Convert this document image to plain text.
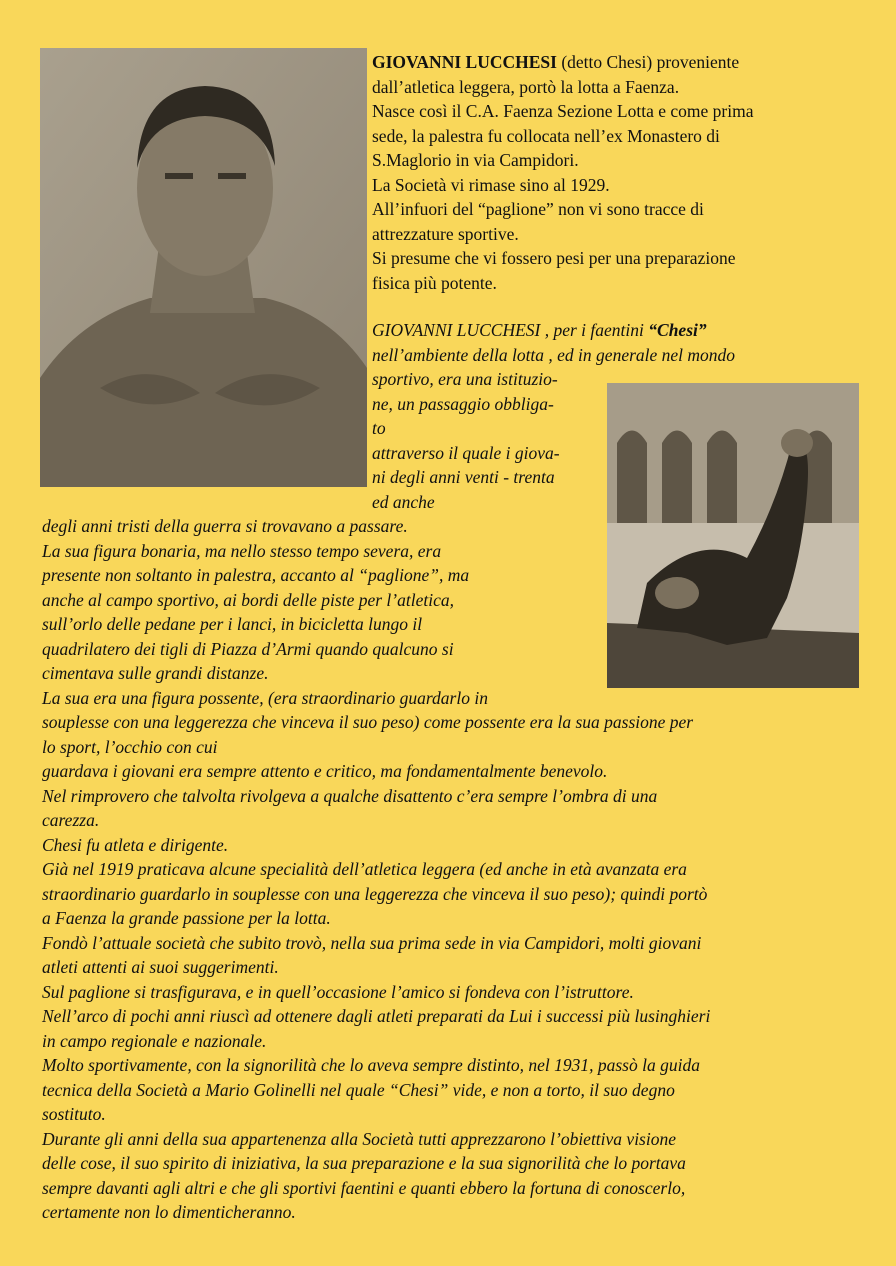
GIOVANNI LUCCHESI (detto Chesi) proveniente
dall’atletica leggera, portò la lotta a Faenza.
Nasce così il C.A. Faenza Sezione Lotta e come prima
sede, la palestra fu collocata nell’ex Monastero di
S.Maglorio in via Campidori.
La Società vi rimase sino al 1929.
All’infuori del “paglione” non vi sono tracce di
attrezzature sportive.
Si presume che vi fossero pesi per una preparazione
fisica più potente.
GIOVANNI LUCCHESI , per i faentini “Chesi”
nell’ambiente della lotta , ed in generale nel mondo
sportivo, era una istituzio-
ne, un passaggio obbliga-
to
attraverso il quale i giova-
ni degli anni venti - trenta
ed anche
degli anni tristi della guerra si trovavano a passare.
La sua figura bonaria, ma nello stesso tempo severa, era
presente non soltanto in palestra, accanto al “paglione”, ma
anche al campo sportivo, ai bordi delle piste per l’atletica,
sull’orlo delle pedane per i lanci, in bicicletta lungo il
quadrilatero dei tigli di Piazza d’Armi quando qualcuno si
cimentava sulle grandi distanze.
La sua era una figura possente, (era straordinario guardarlo in
souplesse con una leggerezza che vinceva il suo peso) come possente era la sua passione per
lo sport, l’occhio con cui
guardava i giovani era sempre attento e critico, ma fondamentalmente benevolo.
Nel rimprovero che talvolta rivolgeva a qualche disattento c’era sempre l’ombra di una
carezza.
Chesi fu atleta e dirigente.
Già nel 1919 praticava alcune specialità dell’atletica leggera (ed anche in età avanzata era
straordinario guardarlo in souplesse con una leggerezza che vinceva il suo peso); quindi portò
a Faenza la grande passione per la lotta.
Fondò l’attuale società che subito trovò, nella sua prima sede in via Campidori, molti giovani
atleti attenti ai suoi suggerimenti.
Sul paglione si trasfigurava, e in quell’occasione l’amico si fondeva con l’istruttore.
Nell’arco di pochi anni riuscì ad ottenere dagli atleti preparati da Lui i successi più lusinghieri
in campo regionale e nazionale.
Molto sportivamente, con la signorilità che lo aveva sempre distinto, nel 1931, passò la guida
tecnica della Società a Mario Golinelli nel quale “Chesi” vide, e non a torto, il suo degno
sostituto.
Durante gli anni della sua appartenenza alla Società tutti apprezzarono l’obiettiva visione
delle cose, il suo spirito di iniziativa, la sua preparazione e la sua signorilità che lo portava
sempre davanti agli altri e che gli sportivi faentini e quanti ebbero la fortuna di conoscerlo,
certamente non lo dimenticheranno.
